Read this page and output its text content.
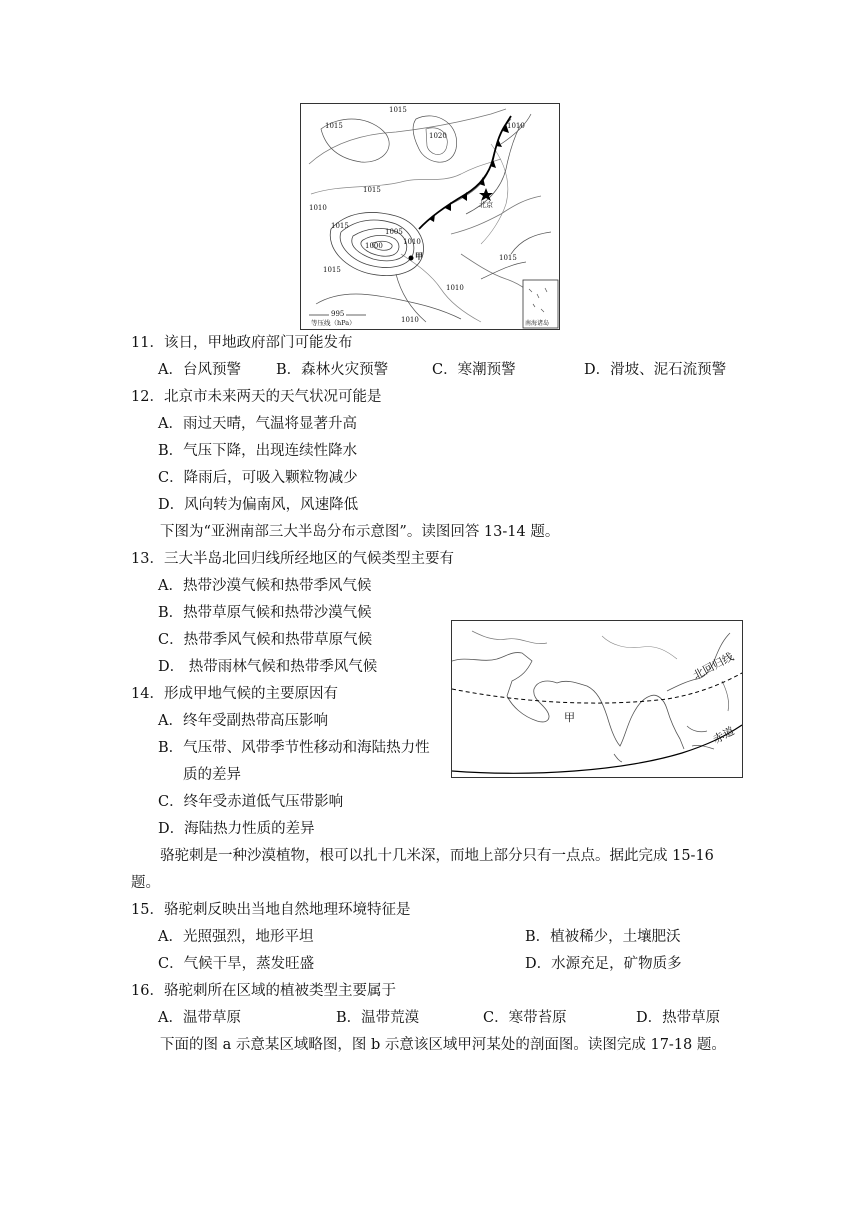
1015
1015
1020
1015
1010
1010
1015
1015
1000
1005
1010
1010
1010
1015
北京
甲
995
等压线（hPa）	南海诸岛
11．该日，甲地政府部门可能发布
A．台风预警 B．森林火灾预警	C．寒潮预警	D．滑坡、泥石流预警
12．北京市未来两天的天气状况可能是
A．雨过天晴，气温将显著升高
B．气压下降，出现连续性降水
C．降雨后，可吸入颗粒物减少
D．风向转为偏南风，风速降低
下图为“亚洲南部三大半岛分布示意图”。读图回答 13-14 题。
13．三大半岛北回归线所经地区的气候类型主要有
A．热带沙漠气候和热带季风气候
B．热带草原气候和热带沙漠气候
C．热带季风气候和热带草原气候
D． 热带雨林气候和热带季风气候	北回归线
赤道
甲
14．形成甲地气候的主要原因有
A．终年受副热带高压影响
B．气压带、风带季节性移动和海陆热力性
质的差异
C．终年受赤道低气压带影响
D．海陆热力性质的差异
骆驼刺是一种沙漠植物，根可以扎十几米深，而地上部分只有一点点。据此完成 15-16
题。
15．骆驼刺反映出当地自然地理环境特征是
A．光照强烈，地形平坦	B．植被稀少，土壤肥沃
C．气候干旱，蒸发旺盛	D．水源充足，矿物质多
16．骆驼刺所在区域的植被类型主要属于
A．温带草原	B．温带荒漠	C．寒带苔原	D．热带草原
下面的图 a 示意某区域略图，图 b 示意该区域甲河某处的剖面图。读图完成 17-18 题。
